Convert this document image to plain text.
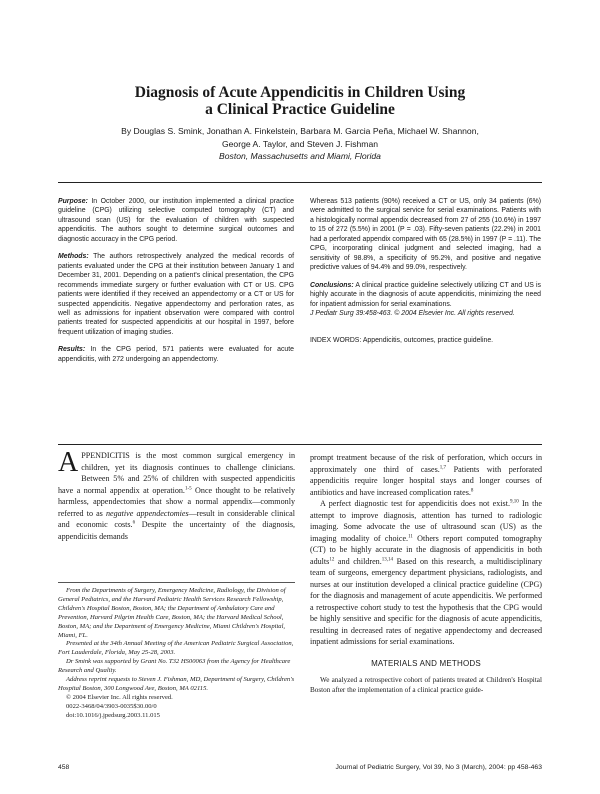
Diagnosis of Acute Appendicitis in Children Using
a Clinical Practice Guideline
By Douglas S. Smink, Jonathan A. Finkelstein, Barbara M. Garcia Peña, Michael W. Shannon,
George A. Taylor, and Steven J. Fishman
Boston, Massachusetts and Miami, Florida

Purpose: In October 2000, our institution implemented a clinical practice guideline (CPG) utilizing selective computed tomography (CT) and ultrasound scan (US) for the evaluation of children with suspected appendicitis. The authors sought to determine surgical outcomes and diagnostic accuracy in the CPG period.

Methods: The authors retrospectively analyzed the medical records of patients evaluated under the CPG at their institution between January 1 and December 31, 2001. Depending on a patient's clinical presentation, the CPG recommends immediate surgery or further evaluation with CT or US. CPG patients were identified if they received an appendectomy or a CT or US for suspected appendicitis. Negative appendectomy and perforation rates, as well as admissions for inpatient observation were compared with control patients treated for suspected appendicitis at our hospital in 1997, before frequent utilization of imaging studies.

Results: In the CPG period, 571 patients were evaluated for acute appendicitis, with 272 undergoing an appendectomy.

Whereas 513 patients (90%) received a CT or US, only 34 patients (6%) were admitted to the surgical service for serial examinations. Patients with a histologically normal appendix decreased from 27 of 255 (10.6%) in 1997 to 15 of 272 (5.5%) in 2001 (P = .03). Fifty-seven patients (22.2%) in 2001 had a perforated appendix compared with 65 (28.5%) in 1997 (P = .11). The CPG, incorporating clinical judgment and selected imaging, had a sensitivity of 98.8%, a specificity of 95.2%, and positive and negative predictive values of 94.4% and 99.0%, respectively.

Conclusions: A clinical practice guideline selectively utilizing CT and US is highly accurate in the diagnosis of acute appendicitis, minimizing the need for inpatient admission for serial examinations.

J Pediatr Surg 39:458-463. © 2004 Elsevier Inc. All rights reserved.

INDEX WORDS: Appendicitis, outcomes, practice guideline.

APPENDICITIS is the most common surgical emergency in children, yet its diagnosis continues to challenge clinicians. Between 5% and 25% of children with suspected appendicitis have a normal appendix at operation.$^{1-5}$ Once thought to be relatively harmless, appendectomies that show a normal appendix—commonly referred to as negative appendectomies—result in considerable clinical and economic costs.$^6$ Despite the uncertainty of the diagnosis, appendicitis demands

From the Departments of Surgery, Emergency Medicine, Radiology, the Division of General Pediatrics, and the Harvard Pediatric Health Services Research Fellowship, Children's Hospital Boston, Boston, MA; the Department of Ambulatory Care and Prevention, Harvard Pilgrim Health Care, Boston, MA; the Harvard Medical School, Boston, MA; and the Department of Emergency Medicine, Miami Children's Hospital, Miami, FL.

Presented at the 34th Annual Meeting of the American Pediatric Surgical Association, Fort Lauderdale, Florida, May 25-28, 2003.

Dr Smink was supported by Grant No. T32 HS00063 from the Agency for Healthcare Research and Quality.

Address reprint requests to Steven J. Fishman, MD, Department of Surgery, Children's Hospital Boston, 300 Longwood Ave, Boston, MA 02115.

© 2004 Elsevier Inc. All rights reserved.

0022-3468/04/3903-0035$30.00/0

doi:10.1016/j.jpedsurg.2003.11.015

prompt treatment because of the risk of perforation, which occurs in approximately one third of cases.$^{1,7}$ Patients with perforated appendicitis require longer hospital stays and longer courses of antibiotics and have increased complication rates.$^8$

A perfect diagnostic test for appendicitis does not exist.$^{9,10}$ In the attempt to improve diagnosis, attention has turned to radiologic imaging. Some advocate the use of ultrasound scan (US) as the imaging modality of choice.$^{11}$ Others report computed tomography (CT) to be highly accurate in the diagnosis of appendicitis in both adults$^{12}$ and children.$^{13,14}$ Based on this research, a multidisciplinary team of surgeons, emergency department physicians, radiologists, and nurses at our institution developed a clinical practice guideline (CPG) for the diagnosis and management of acute appendicitis. We performed a retrospective cohort study to test the hypothesis that the CPG would be highly sensitive and specific for the diagnosis of acute appendicitis, resulting in decreased rates of negative appendectomy and decreased inpatient admissions for serial examinations.

MATERIALS AND METHODS

We analyzed a retrospective cohort of patients treated at Children's Hospital Boston after the implementation of a clinical practice guide-

458	Journal of Pediatric Surgery, Vol 39, No 3 (March), 2004: pp 458-463
